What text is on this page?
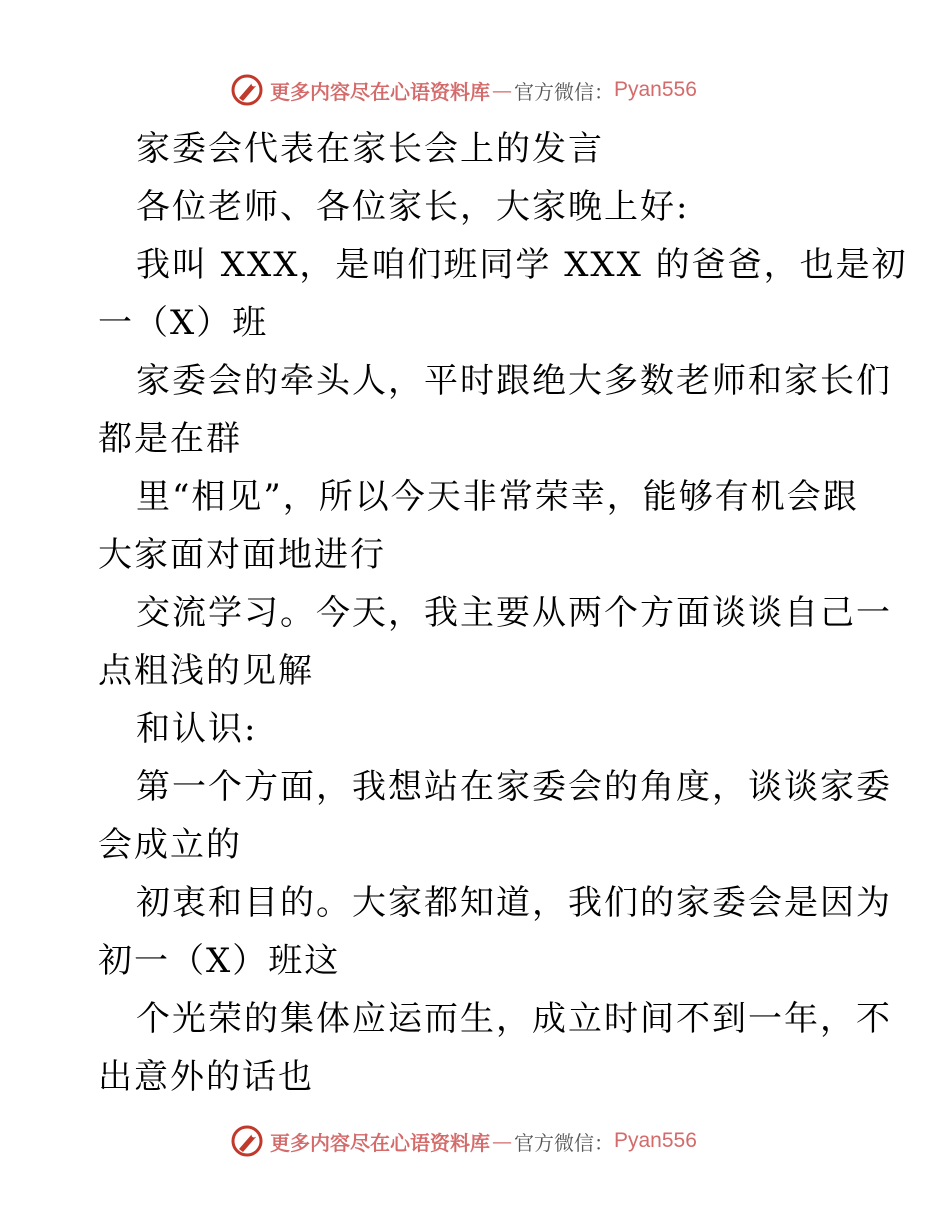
更多内容尽在心语资料库 — 官方微信： Pyan556
家委会代表在家长会上的发言
各位老师、各位家长，大家晚上好:
我叫 XXX，是咱们班同学 XXX 的爸爸，也是初
一（X）班
家委会的牵头人，平时跟绝大多数老师和家长们
都是在群
里“相见”，所以今天非常荣幸，能够有机会跟
大家面对面地进行
交流学习。今天，我主要从两个方面谈谈自己一
点粗浅的见解
和认识:
第一个方面，我想站在家委会的角度，谈谈家委
会成立的
初衷和目的。大家都知道，我们的家委会是因为
初一（X）班这
个光荣的集体应运而生，成立时间不到一年，不
出意外的话也
更多内容尽在心语资料库 — 官方微信： Pyan556
